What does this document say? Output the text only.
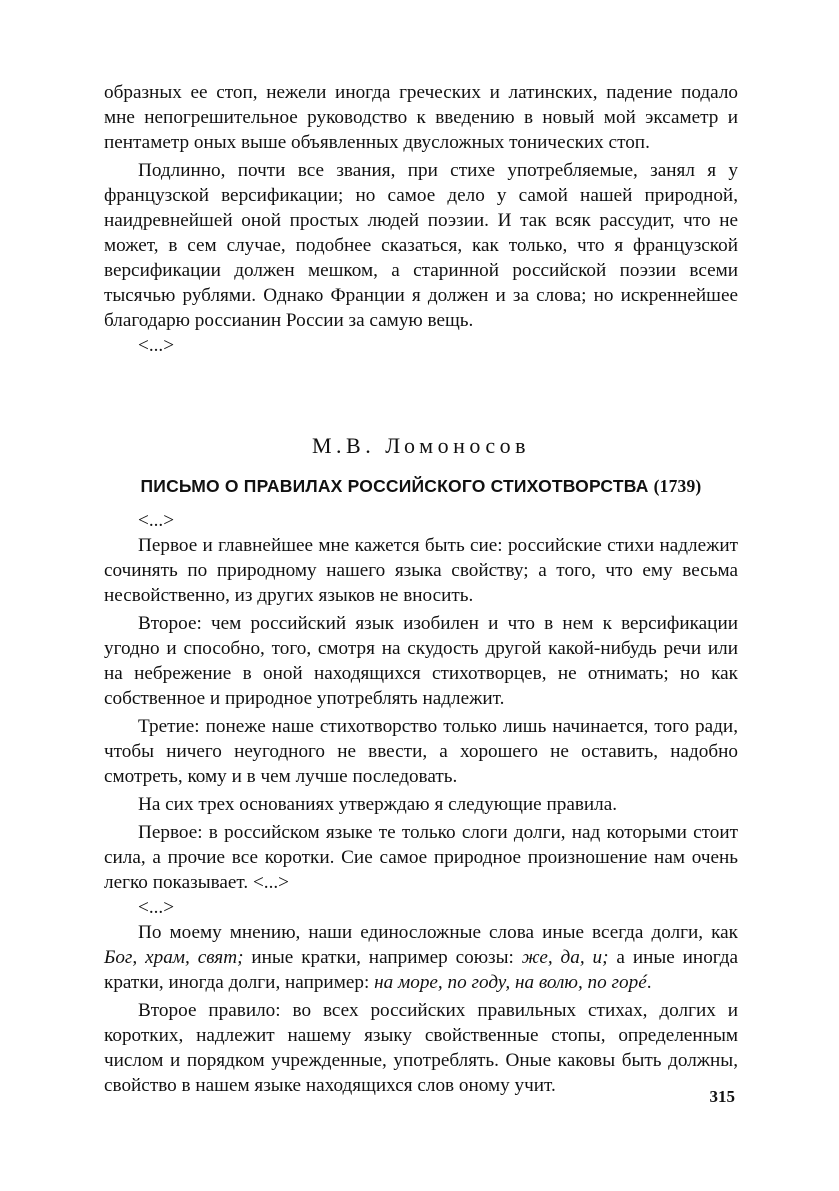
образных ее стоп, нежели иногда греческих и латинских, падение подало мне непогрешительное руководство к введению в новый мой эксаметр и пентаметр оных выше объявленных двусложных тонических стоп.

Подлинно, почти все звания, при стихе употребляемые, занял я у французской версификации; но самое дело у самой нашей природной, наидревнейшей оной простых людей поэзии. И так всяк рассудит, что не может, в сем случае, подобнее сказаться, как только, что я французской версификации должен мешком, а старинной российской поэзии всеми тысячью рублями. Однако Франции я должен и за слова; но искреннейшее благодарю россианин России за самую вещь.

<...>

М.В. Ломоносов
ПИСЬМО О ПРАВИЛАХ РОССИЙСКОГО СТИХОТВОРСТВА (1739)

<...>

Первое и главнейшее мне кажется быть сие: российские стихи надлежит сочинять по природному нашего языка свойству; а того, что ему весьма несвойственно, из других языков не вносить.

Второе: чем российский язык изобилен и что в нем к версификации угодно и способно, того, смотря на скудость другой какой-нибудь речи или на небрежение в оной находящихся стихотворцев, не отнимать; но как собственное и природное употреблять надлежит.

Третие: понеже наше стихотворство только лишь начинается, того ради, чтобы ничего неугодного не ввести, а хорошего не оставить, надобно смотреть, кому и в чем лучше последовать.

На сих трех основаниях утверждаю я следующие правила.

Первое: в российском языке те только слоги долги, над которыми стоит сила, а прочие все коротки. Сие самое природное произношение нам очень легко показывает. <...>

<...>

По моему мнению, наши единосложные слова иные всегда долги, как Бог, храм, свят; иные кратки, например союзы: же, да, и; а иные иногда кратки, иногда долги, например: на море, по году, на волю, по горé.

Второе правило: во всех российских правильных стихах, долгих и коротких, надлежит нашему языку свойственные стопы, определенным числом и порядком учрежденные, употреблять. Оные каковы быть должны, свойство в нашем языке находящихся слов оному учит.

315
